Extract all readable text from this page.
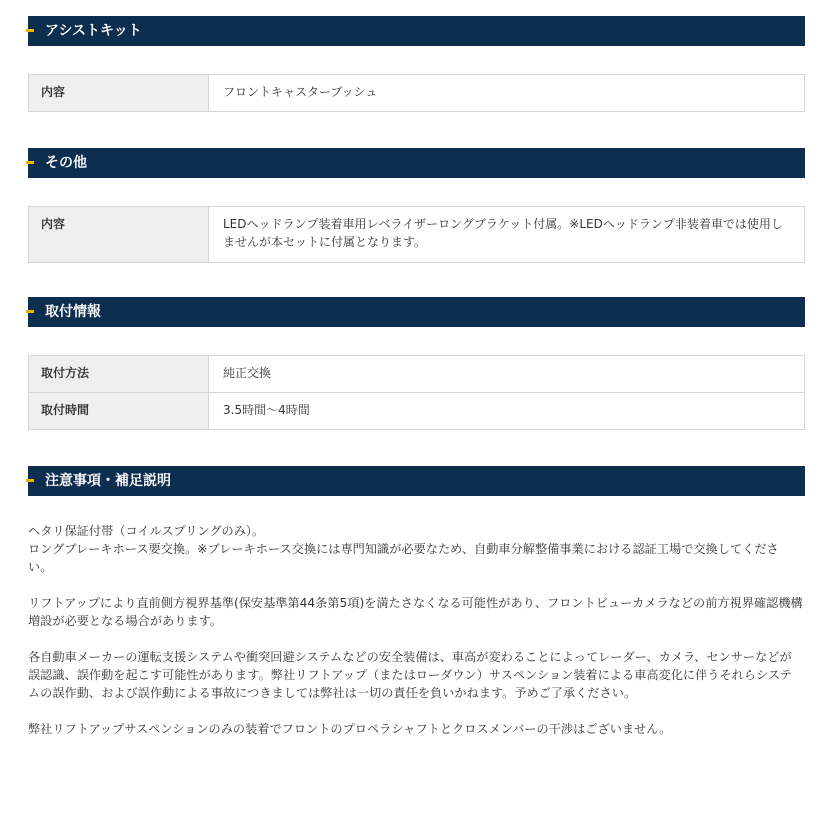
アシストキット
内容	フロントキャスターブッシュ
その他
内容	LEDヘッドランプ装着車用レベライザーロングブラケット付属。※LEDヘッドランプ非装着車では使用しませんが本セットに付属となります。
取付情報
取付方法	純正交換
取付時間	3.5時間～4時間
注意事項・補足説明

ヘタリ保証付帯（コイルスプリングのみ）。
ロングブレーキホース要交換。※ブレーキホース交換には専門知識が必要なため、自動車分解整備事業における認証工場で交換してください。

リフトアップにより直前側方視界基準(保安基準第44条第5項)を満たさなくなる可能性があり、フロントビューカメラなどの前方視界確認機構増設が必要となる場合があります。

各自動車メーカーの運転支援システムや衝突回避システムなどの安全装備は、車高が変わることによってレーダー、カメラ、センサーなどが誤認識、誤作動を起こす可能性があります。弊社リフトアップ（またはローダウン）サスペンション装着による車高変化に伴うそれらシステムの誤作動、および誤作動による事故につきましては弊社は一切の責任を負いかねます。予めご了承ください。

弊社リフトアップサスペンションのみの装着でフロントのプロペラシャフトとクロスメンバーの干渉はございません。
